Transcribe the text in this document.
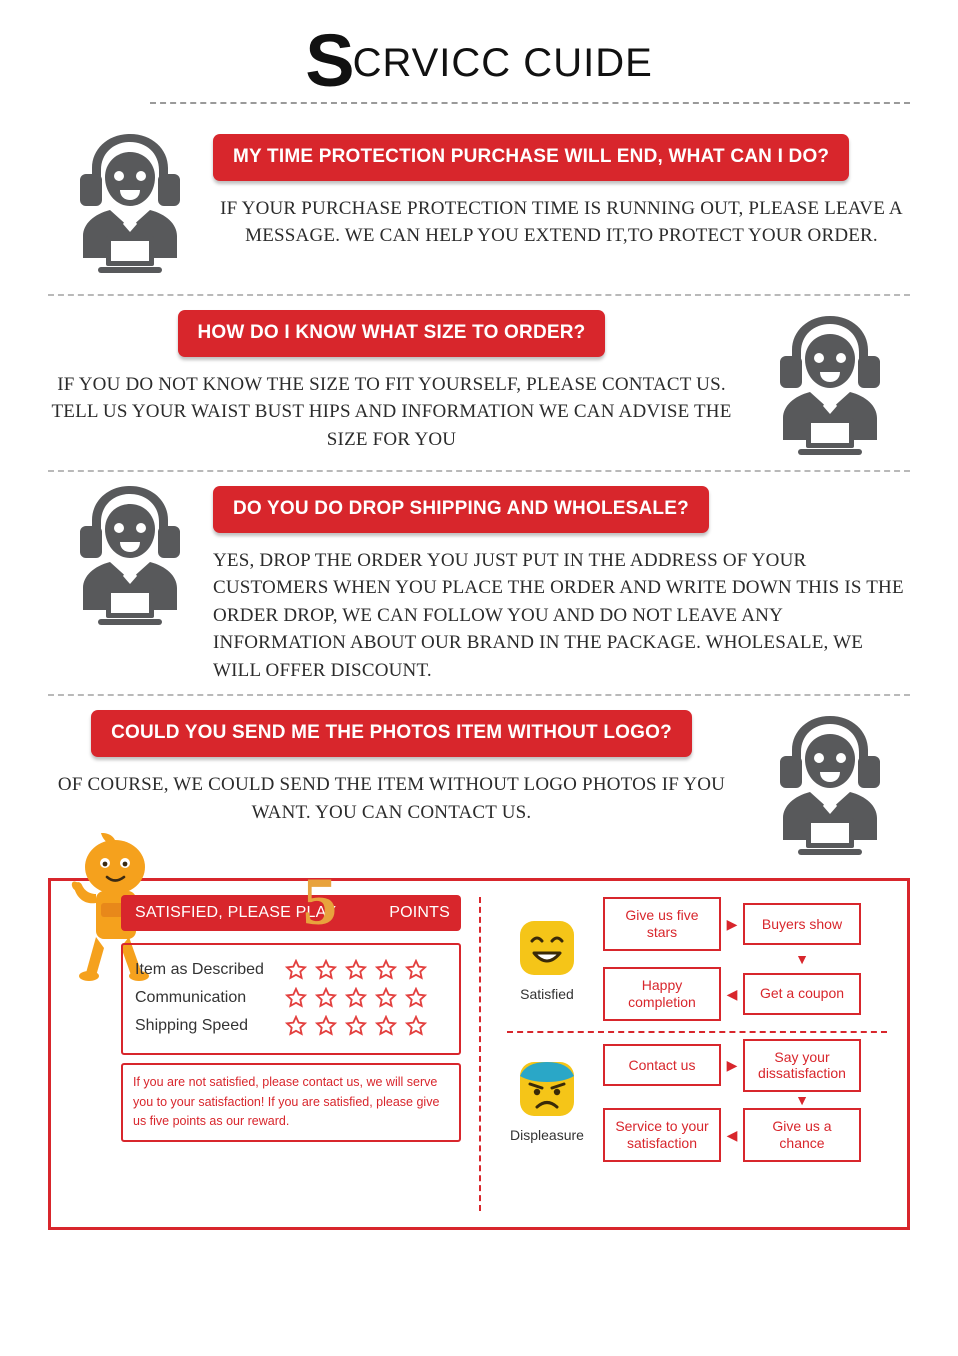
SCRVICC CUIDE
MY TIME PROTECTION PURCHASE WILL END, WHAT CAN I DO?
IF YOUR PURCHASE PROTECTION TIME IS RUNNING OUT, PLEASE LEAVE A MESSAGE. WE CAN HELP YOU EXTEND IT,TO PROTECT YOUR ORDER.
HOW DO I KNOW WHAT SIZE TO ORDER?
IF YOU DO NOT KNOW THE SIZE TO FIT YOURSELF, PLEASE CONTACT US. TELL US YOUR WAIST BUST HIPS AND INFORMATION WE CAN ADVISE THE SIZE FOR YOU
DO YOU DO DROP SHIPPING AND WHOLESALE?
YES, DROP THE ORDER YOU JUST PUT IN THE ADDRESS OF YOUR CUSTOMERS WHEN YOU PLACE THE ORDER AND WRITE DOWN THIS IS THE ORDER DROP, WE CAN FOLLOW YOU AND DO NOT LEAVE ANY INFORMATION ABOUT OUR BRAND IN THE PACKAGE. WHOLESALE, WE WILL OFFER DISCOUNT.
COULD YOU SEND ME THE PHOTOS ITEM WITHOUT LOGO?
OF COURSE, WE COULD SEND THE ITEM WITHOUT LOGO PHOTOS IF YOU WANT. YOU CAN CONTACT US.
SATISFIED, PLEASE PLAY	POINTS
5
Item as Described
Communication
Shipping Speed
If you are not satisfied, please contact us, we will serve you to your satisfaction! If you are satisfied, please give us five points as our reward.
Satisfied
Give us five stars	▶	Buyers show
▼
Happy completion	◀	Get a coupon
Displeasure
Contact us	▶
Say your dissatisfaction
▼
Service to your satisfaction	◀
Give us a chance
